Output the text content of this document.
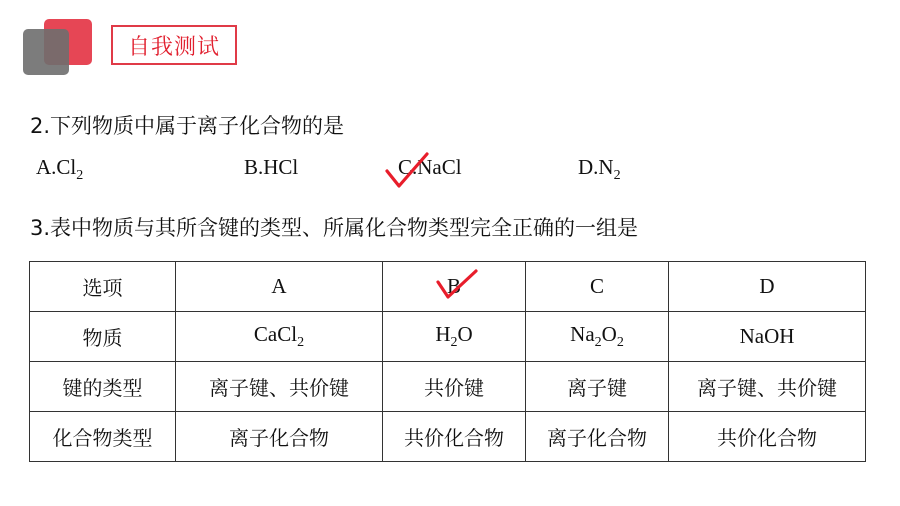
自我测试
2.下列物质中属于离子化合物的是
$A.Cl_2$	B.HCl	C.NaCl	$D.N_2$
3.表中物质与其所含键的类型、所属化合物类型完全正确的一组是
选项	A	B	C	D
物质	CaCl$_2$	$H_2O$	$Na_2O_2$	NaOH
键的类型	离子键、共价键	共价键	离子键	离子键、共价键
化合物类型	离子化合物	共价化合物	离子化合物	共价化合物
